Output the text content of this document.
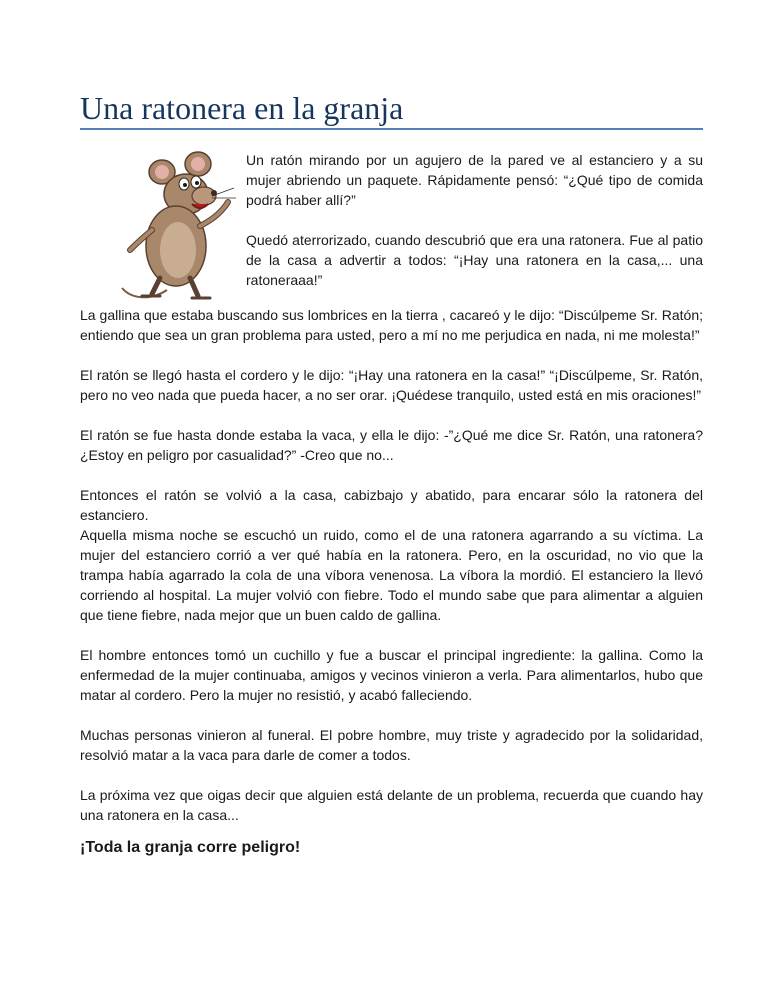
Una ratonera en la granja

Un ratón mirando por un agujero de la pared ve al estanciero y a su mujer abriendo un paquete. Rápidamente pensó: “¿Qué tipo de comida podrá haber allí?”

Quedó aterrorizado, cuando descubrió que era una ratonera. Fue al patio de la casa a advertir a todos: “¡Hay una ratonera en la casa,... una ratoneraaa!”

La gallina que estaba buscando sus lombrices en la tierra , cacareó y le dijo: “Discúlpeme Sr. Ratón; entiendo que sea un gran problema para usted, pero a mí no me perjudica en nada, ni me molesta!”

El ratón se llegó hasta el cordero y le dijo: “¡Hay una ratonera en la casa!” “¡Discúlpeme, Sr. Ratón, pero no veo nada que pueda hacer, a no ser orar. ¡Quédese tranquilo, usted está en mis oraciones!”

El ratón se fue hasta donde estaba la vaca, y ella le dijo: -”¿Qué me dice Sr. Ratón, una ratonera? ¿Estoy en peligro por casualidad?” -Creo que no...

Entonces el ratón se volvió a la casa, cabizbajo y abatido, para encarar sólo la ratonera del estanciero.

Aquella misma noche se escuchó un ruido, como el de una ratonera agarrando a su víctima. La mujer del estanciero corrió a ver qué había en la ratonera. Pero, en la oscuridad, no vio que la trampa había agarrado la cola de una víbora venenosa. La víbora la mordió. El estanciero la llevó corriendo al hospital. La mujer volvió con fiebre. Todo el mundo sabe que para alimentar a alguien que tiene fiebre, nada mejor que un buen caldo de gallina.

El hombre entonces tomó un cuchillo y fue a buscar el principal ingrediente: la gallina. Como la enfermedad de la mujer continuaba, amigos y vecinos vinieron a verla. Para alimentarlos, hubo que matar al cordero. Pero la mujer no resistió, y acabó falleciendo.

Muchas personas vinieron al funeral. El pobre hombre, muy triste y agradecido por la solidaridad, resolvió matar a la vaca para darle de comer a todos.

La próxima vez que oigas decir que alguien está delante de un problema, recuerda que cuando hay una ratonera en la casa...

¡Toda la granja corre peligro!
